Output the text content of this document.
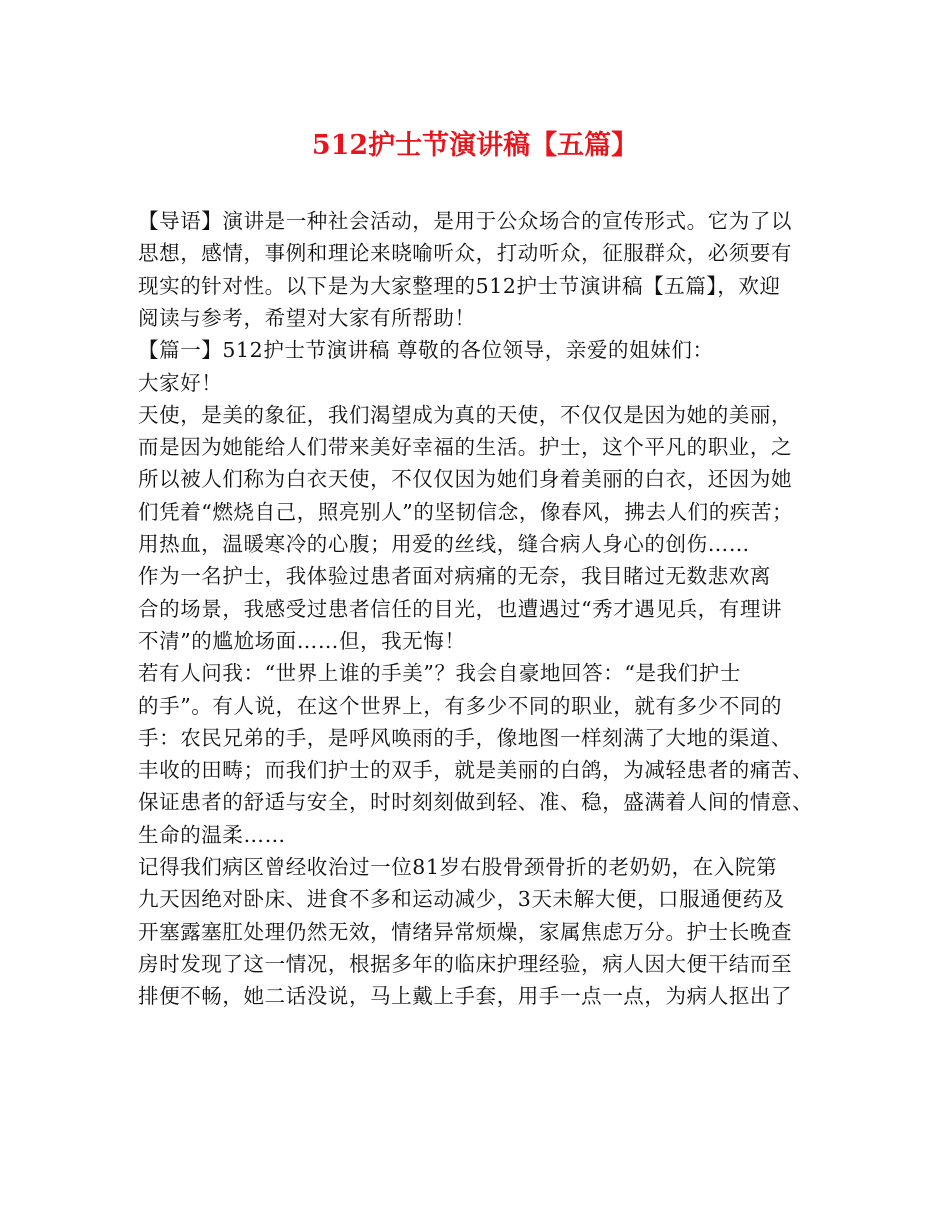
512护士节演讲稿【五篇】
【导语】演讲是一种社会活动，是用于公众场合的宣传形式。它为了以
思想，感情，事例和理论来晓喻听众，打动听众，征服群众，必须要有
现实的针对性。以下是为大家整理的512护士节演讲稿【五篇】，欢迎
阅读与参考，希望对大家有所帮助！
【篇一】512护士节演讲稿 尊敬的各位领导，亲爱的姐妹们：
大家好！
天使，是美的象征，我们渴望成为真的天使，不仅仅是因为她的美丽，
而是因为她能给人们带来美好幸福的生活。护士，这个平凡的职业，之
所以被人们称为白衣天使，不仅仅因为她们身着美丽的白衣，还因为她
们凭着“燃烧自己，照亮别人”的坚韧信念，像春风，拂去人们的疾苦；
用热血，温暖寒冷的心腹；用爱的丝线，缝合病人身心的创伤……
作为一名护士，我体验过患者面对病痛的无奈，我目睹过无数悲欢离
合的场景，我感受过患者信任的目光，也遭遇过“秀才遇见兵，有理讲
不清”的尴尬场面……但，我无悔！
若有人问我：“世界上谁的手美”？我会自豪地回答：“是我们护士
的手”。有人说，在这个世界上，有多少不同的职业，就有多少不同的
手：农民兄弟的手，是呼风唤雨的手，像地图一样刻满了大地的渠道、
丰收的田畴；而我们护士的双手，就是美丽的白鸽，为减轻患者的痛苦、
保证患者的舒适与安全，时时刻刻做到轻、准、稳，盛满着人间的情意、
生命的温柔……
记得我们病区曾经收治过一位81岁右股骨颈骨折的老奶奶，在入院第
九天因绝对卧床、进食不多和运动减少，3天未解大便，口服通便药及
开塞露塞肛处理仍然无效，情绪异常烦燥，家属焦虑万分。护士长晚查
房时发现了这一情况，根据多年的临床护理经验，病人因大便干结而至
排便不畅，她二话没说，马上戴上手套，用手一点一点，为病人抠出了
